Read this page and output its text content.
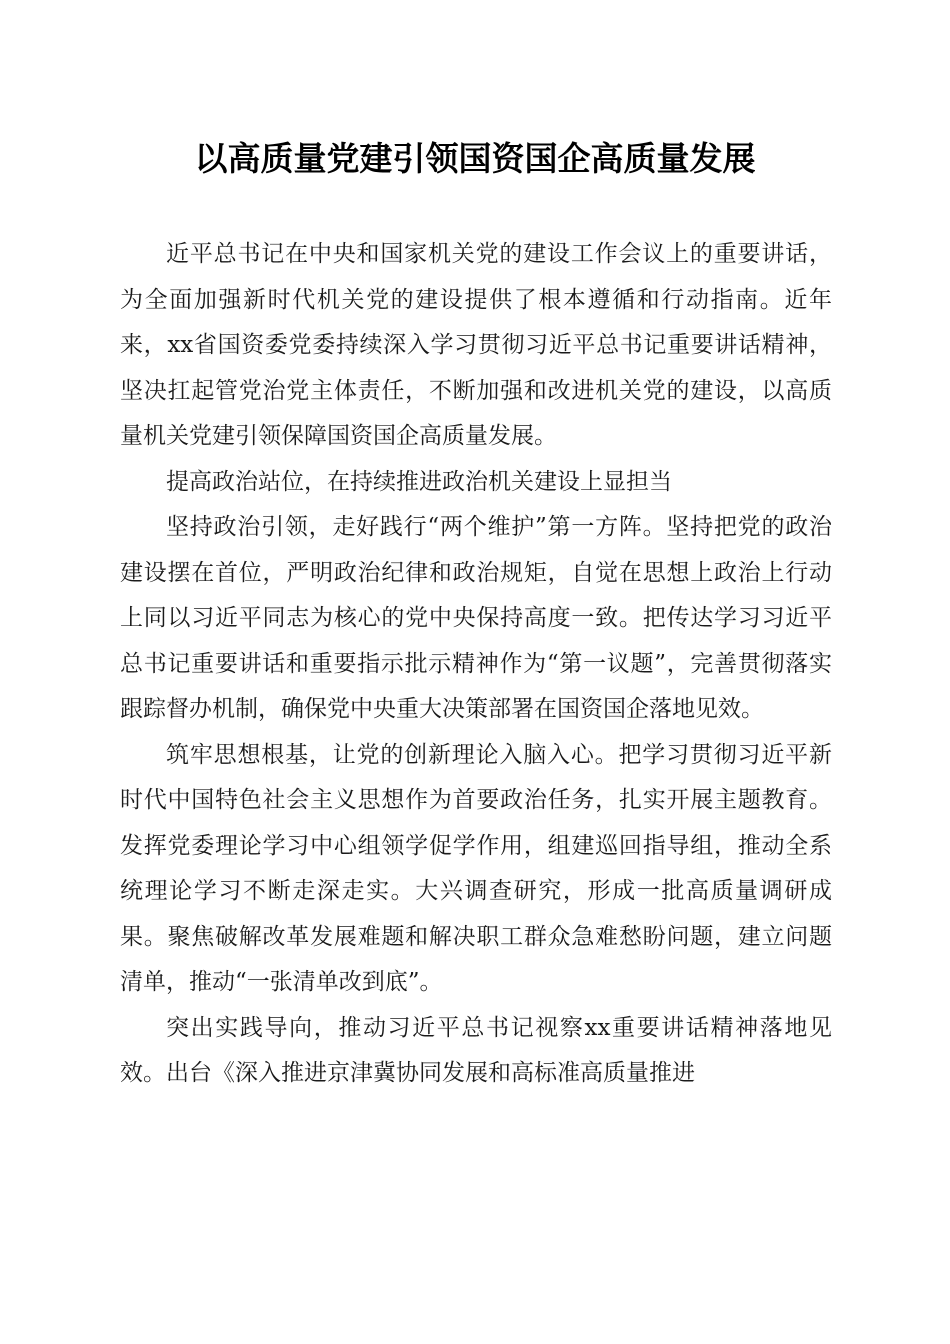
以高质量党建引领国资国企高质量发展

近平总书记在中央和国家机关党的建设工作会议上的重要讲话，为全面加强新时代机关党的建设提供了根本遵循和行动指南。近年来，xx省国资委党委持续深入学习贯彻习近平总书记重要讲话精神，坚决扛起管党治党主体责任，不断加强和改进机关党的建设，以高质量机关党建引领保障国资国企高质量发展。

提高政治站位，在持续推进政治机关建设上显担当

坚持政治引领，走好践行“两个维护”第一方阵。坚持把党的政治建设摆在首位，严明政治纪律和政治规矩，自觉在思想上政治上行动上同以习近平同志为核心的党中央保持高度一致。把传达学习习近平总书记重要讲话和重要指示批示精神作为“第一议题”，完善贯彻落实跟踪督办机制，确保党中央重大决策部署在国资国企落地见效。

筑牢思想根基，让党的创新理论入脑入心。把学习贯彻习近平新时代中国特色社会主义思想作为首要政治任务，扎实开展主题教育。发挥党委理论学习中心组领学促学作用，组建巡回指导组，推动全系统理论学习不断走深走实。大兴调查研究，形成一批高质量调研成果。聚焦破解改革发展难题和解决职工群众急难愁盼问题，建立问题清单，推动“一张清单改到底”。

突出实践导向，推动习近平总书记视察xx重要讲话精神落地见效。出台《深入推进京津冀协同发展和高标准高质量推进
